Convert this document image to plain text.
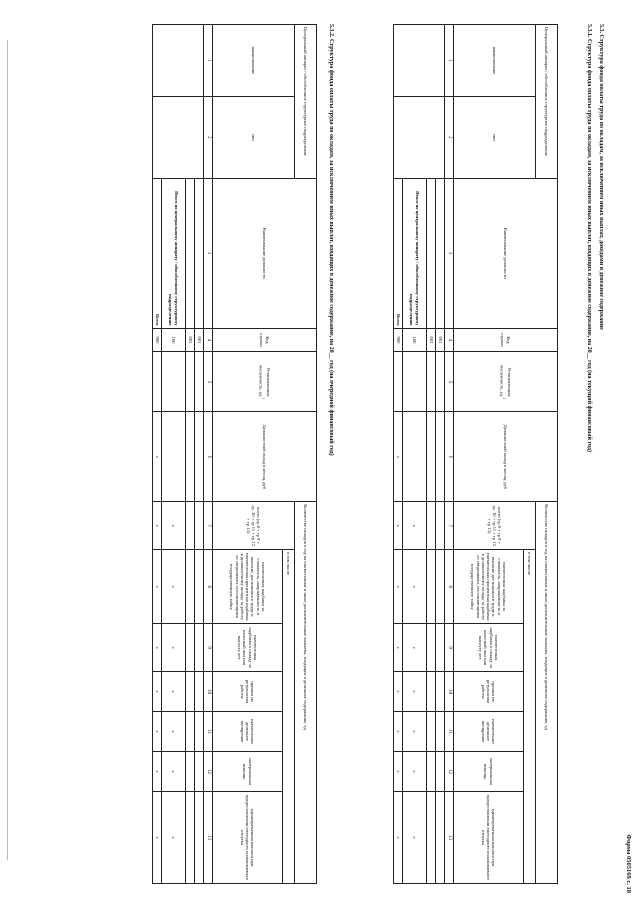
Форма 0505169 с. 18
5.3. Структура фонда оплаты труда по окладам, за исключением иных выплат, доходами и денежное содержание
5.3.1. Структура фонда оплаты труда по окладам, за исключением иных выплат, входящих в денежное содержание, на 20__ год (на текущий финансовый год)
Центральный аппарат / обособленное структурное подразделение		Наименование должности	Код строки	Установленная численность, ед.$^1$	Должностной оклад в месяц, руб	Количество окладов в год на ежемесячные и иные дополнительные выплаты, входящие в денежное содержание, ед						
наименование	тип					всего (гр 8 + гр 9 + гр. 10 + гр 11 + гр 12 + гр 13)	в том числе					
							ежемесячная надбавка за сложность, напряженность и высокие достижения в труде и ежемесячная процентная надбавка к должностному окладу за работу со сведениями, составляющими государственную тайну	ежемесячная надбавка к окладу за классный чин или выслугу лет	премии по результатам работы	ежемесячное денежное поощрение	материальная помощь	единовременная выплата при предоставлении ежегодного оплачиваемого отпуска
1	2	3	4	5	6	7	8	9	10	11	12	13
			001									
			002									
		Итого по центральному аппарату / обособленному структурному подразделению	100			х	х	х	х	х	х	х
		Всего	900		х	х	х	х	х	х	х	х
5.3.2. Структура фонда оплаты труда по окладам, за исключением иных выплат, входящих в денежное содержание, на 20__ год (на очередной финансовый год)
Центральный аппарат / обособленное структурное подразделение		Наименование должности	Код строки	Установленная численность, ед.$^1$	Должностной оклад в месяц, руб	Количество окладов в год на ежемесячные и иные дополнительные выплаты, входящие в денежное содержание, ед						
наименование	тип					всего (гр 8 + гр 9 + гр. 10 + гр 11 + гр 12 + гр 13)	в том числе					
							ежемесячная надбавка за сложность, напряженность и высокие достижения в труде и ежемесячная процентная надбавка к должностному окладу за работу со сведениями, составляющими государственную тайну	ежемесячная надбавка к окладу за классный чин или выслугу лет	премии по результатам работы	ежемесячное денежное поощрение	материальная помощь	единовременная выплата при предоставлении ежегодного оплачиваемого отпуска
1	2	3	4	5	6	7	8	9	10	11	12	13
			001									
			002									
		Итого по центральному аппарату / обособленному структурному подразделению	100			х	х	х	х	х	х	х
		Всего	900		х	х	х	х	х	х	х	х
